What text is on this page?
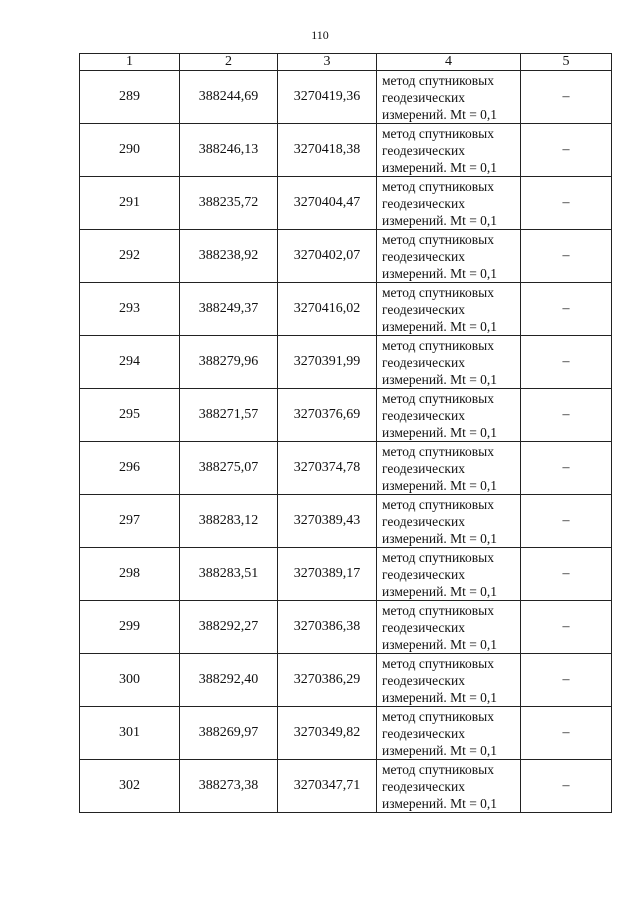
110
1	2	3	4	5
289	388244,69	3270419,36	метод спутниковых геодезических измерений. Mt = 0,1	–
290	388246,13	3270418,38	метод спутниковых геодезических измерений. Mt = 0,1	–
291	388235,72	3270404,47	метод спутниковых геодезических измерений. Mt = 0,1	–
292	388238,92	3270402,07	метод спутниковых геодезических измерений. Mt = 0,1	–
293	388249,37	3270416,02	метод спутниковых геодезических измерений. Mt = 0,1	–
294	388279,96	3270391,99	метод спутниковых геодезических измерений. Mt = 0,1	–
295	388271,57	3270376,69	метод спутниковых геодезических измерений. Mt = 0,1	–
296	388275,07	3270374,78	метод спутниковых геодезических измерений. Mt = 0,1	–
297	388283,12	3270389,43	метод спутниковых геодезических измерений. Mt = 0,1	–
298	388283,51	3270389,17	метод спутниковых геодезических измерений. Mt = 0,1	–
299	388292,27	3270386,38	метод спутниковых геодезических измерений. Mt = 0,1	–
300	388292,40	3270386,29	метод спутниковых геодезических измерений. Mt = 0,1	–
301	388269,97	3270349,82	метод спутниковых геодезических измерений. Mt = 0,1	–
302	388273,38	3270347,71	метод спутниковых геодезических измерений. Mt = 0,1	–
